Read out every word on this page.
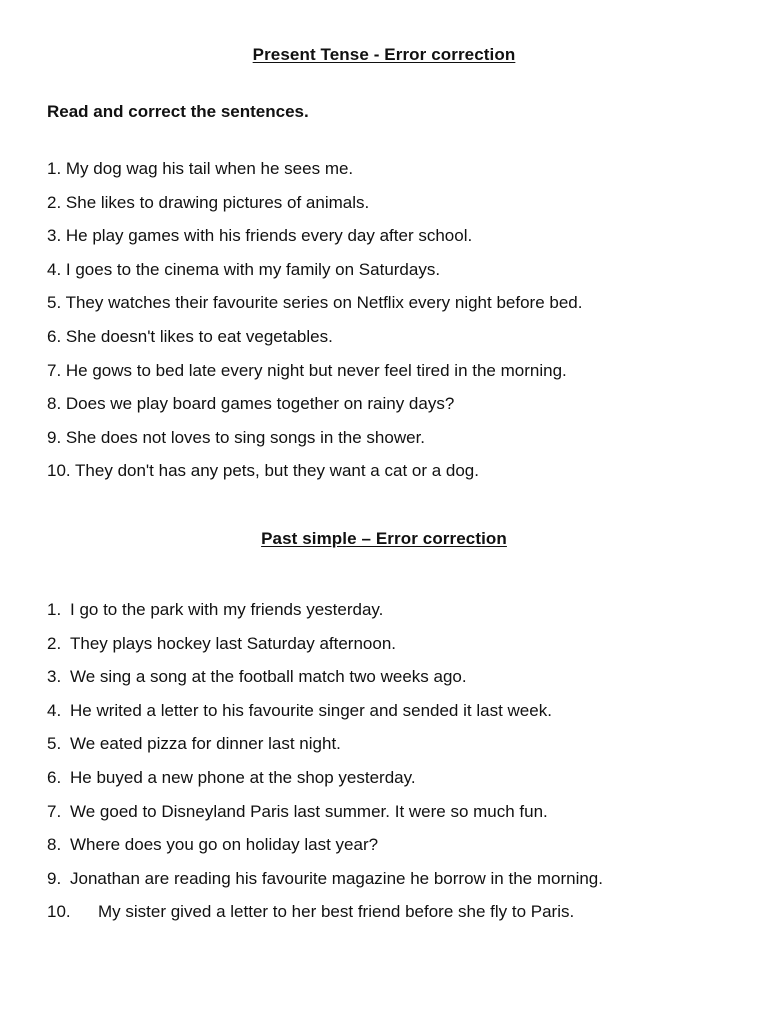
Present Tense - Error correction
Read and correct the sentences.
1. My dog wag his tail when he sees me.
2. She likes to drawing pictures of animals.
3. He play games with his friends every day after school.
4. I goes to the cinema with my family on Saturdays.
5. They watches their favourite series on Netflix every night before bed.
6. She doesn't likes to eat vegetables.
7. He gows to bed late every night but never feel tired in the morning.
8. Does we play board games together on rainy days?
9. She does not loves to sing songs in the shower.
10. They don't has any pets, but they want a cat or a dog.
Past simple – Error correction
1. I go to the park with my friends yesterday.
2. They plays hockey last Saturday afternoon.
3. We sing a song at the football match two weeks ago.
4. He writed a letter to his favourite singer and sended it last week.
5. We eated pizza for dinner last night.
6. He buyed a new phone at the shop yesterday.
7. We goed to Disneyland Paris last summer. It were so much fun.
8. Where does you go on holiday last year?
9. Jonathan are reading his favourite magazine he borrow in the morning.
10. My sister gived a letter to her best friend before she fly to Paris.
